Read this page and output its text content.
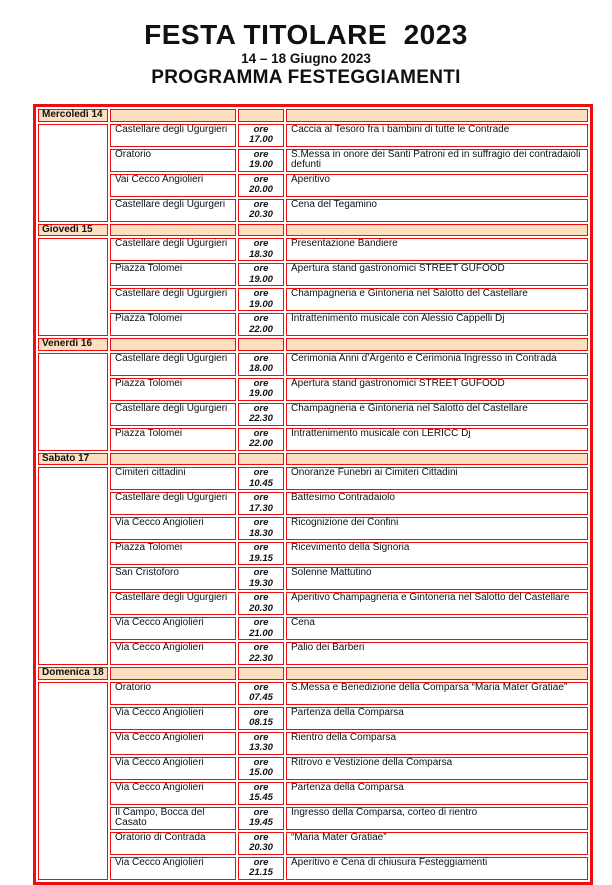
FESTA TITOLARE  2023
14 – 18 Giugno 2023
PROGRAMMA FESTEGGIAMENTI
Mercoledì 14			
	Castellare degli Ugurgieri	ore 17.00	Caccia al Tesoro fra i bambini di tutte le Contrade
	Oratorio	ore 19.00	S.Messa in onore dei Santi Patroni ed in suffragio dei contradaioli defunti
	Vai Cecco Angiolieri	ore 20.00	Aperitivo
	Castellare degli Ugurgeri	ore 20.30	Cena del Tegamino
Giovedì 15			
	Castellare degli Ugurgieri	ore 18.30	Presentazione Bandiere
	Piazza Tolomei	ore 19.00	Apertura stand gastronomici STREET GUFOOD
	Castellare degli Ugurgieri	ore 19.00	Champagneria e Gintoneria nel Salotto del Castellare
	Piazza Tolomei	ore 22.00	Intrattenimento musicale con Alessio Cappelli Dj
Venerdì 16			
	Castellare degli Ugurgieri	ore 18.00	Cerimonia Anni d’Argento e Cerimonia Ingresso in Contrada
	Piazza Tolomei	ore 19.00	Apertura stand gastronomici STREET GUFOOD
	Castellare degli Ugurgieri	ore 22.30	Champagneria e Gintoneria nel Salotto del Castellare
	Piazza Tolomei	ore 22.00	Intrattenimento musicale con LERICC Dj
Sabato 17			
	Cimiteri cittadini	ore 10.45	Onoranze Funebri ai Cimiteri Cittadini
	Castellare degli Ugurgieri	ore 17.30	Battesimo Contradaiolo
	Via Cecco Angiolieri	ore 18.30	Ricognizione dei Confini
	Piazza Tolomei	ore 19.15	Ricevimento della Signoria
	San Cristoforo	ore 19.30	Solenne Mattutino
	Castellare degli Ugurgieri	ore 20.30	Aperitivo Champagneria e Gintoneria nel Salotto del Castellare
	Via Cecco Angiolieri	ore 21.00	Cena
	Via Cecco Angiolieri	ore 22.30	Palio dei Barberi
Domenica 18			
	Oratorio	ore 07.45	S.Messa e Benedizione della Comparsa “Maria Mater Gratiae”
	Via Cecco Angiolieri	ore 08.15	Partenza della Comparsa
	Via Cecco Angiolieri	ore 13.30	Rientro della Comparsa
	Via Cecco Angiolieri	ore 15.00	Ritrovo e Vestizione della Comparsa
	Via Cecco Angiolieri	ore 15.45	Partenza della Comparsa
	Il Campo, Bocca del Casato	ore 19.45	Ingresso della Comparsa, corteo di rientro
	Oratorio di Contrada	ore 20.30	“Maria Mater Gratiae”
	Via Cecco Angiolieri	ore 21.15	Aperitivo e Cena di chiusura Festeggiamenti
